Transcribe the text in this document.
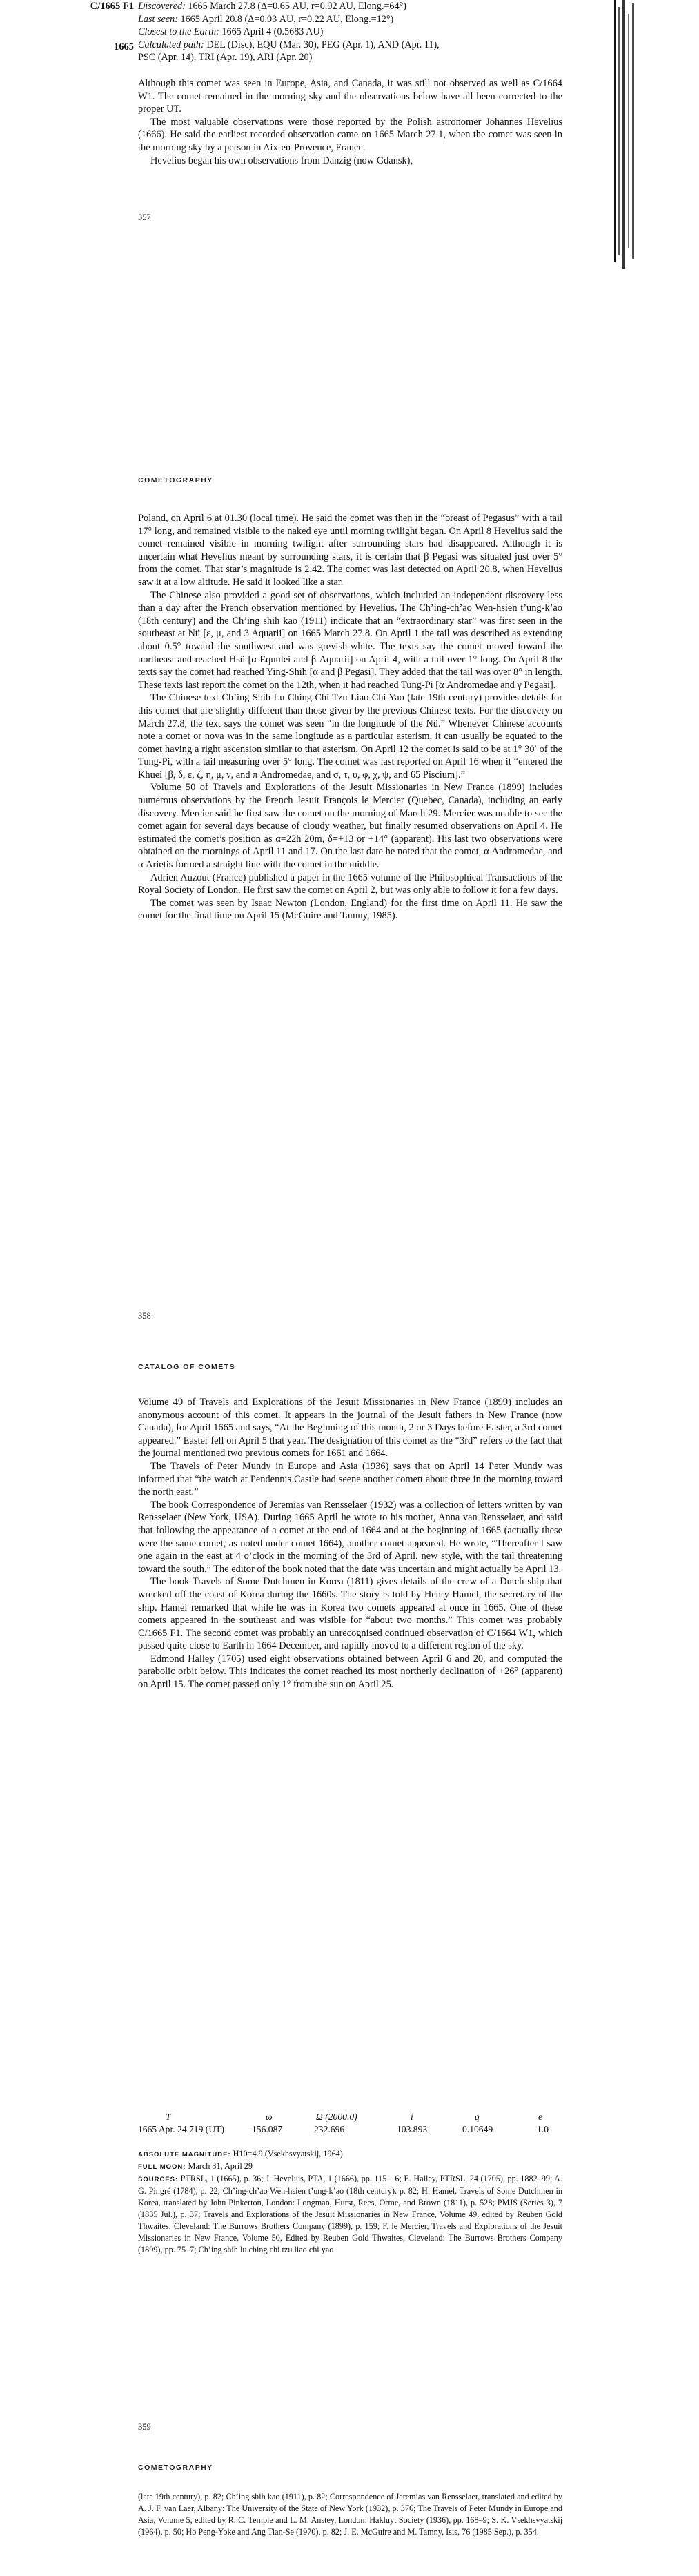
C/1665 F1
1665
Discovered: 1665 March 27.8 (Δ=0.65 AU, r=0.92 AU, Elong.=64°)
Last seen: 1665 April 20.8 (Δ=0.93 AU, r=0.22 AU, Elong.=12°)
Closest to the Earth: 1665 April 4 (0.5683 AU)
Calculated path: DEL (Disc), EQU (Mar. 30), PEG (Apr. 1), AND (Apr. 11),
PSC (Apr. 14), TRI (Apr. 19), ARI (Apr. 20)

Although this comet was seen in Europe, Asia, and Canada, it was still not observed as well as C/1664 W1. The comet remained in the morning sky and the observations below have all been corrected to the proper UT.

The most valuable observations were those reported by the Polish astronomer Johannes Hevelius (1666). He said the earliest recorded observation came on 1665 March 27.1, when the comet was seen in the morning sky by a person in Aix-en-Provence, France.

Hevelius began his own observations from Danzig (now Gdansk),

357
COMETOGRAPHY

Poland, on April 6 at 01.30 (local time). He said the comet was then in the “breast of Pegasus” with a tail 17° long, and remained visible to the naked eye until morning twilight began. On April 8 Hevelius said the comet remained visible in morning twilight after surrounding stars had disappeared. Although it is uncertain what Hevelius meant by surrounding stars, it is certain that β Pegasi was situated just over 5° from the comet. That star’s magnitude is 2.42. The comet was last detected on April 20.8, when Hevelius saw it at a low altitude. He said it looked like a star.

The Chinese also provided a good set of observations, which included an independent discovery less than a day after the French observation mentioned by Hevelius. The Ch’ing-ch’ao Wen-hsien t’ung-k’ao (18th century) and the Ch’ing shih kao (1911) indicate that an “extraordinary star” was first seen in the southeast at Nü [ε, μ, and 3 Aquarii] on 1665 March 27.8. On April 1 the tail was described as extending about 0.5° toward the southwest and was greyish-white. The texts say the comet moved toward the northeast and reached Hsü [α Equulei and β Aquarii] on April 4, with a tail over 1° long. On April 8 the texts say the comet had reached Ying-Shih [α and β Pegasi]. They added that the tail was over 8° in length. These texts last report the comet on the 12th, when it had reached Tung-Pi [α Andromedae and γ Pegasi].

The Chinese text Ch’ing Shih Lu Ching Chi Tzu Liao Chi Yao (late 19th century) provides details for this comet that are slightly different than those given by the previous Chinese texts. For the discovery on March 27.8, the text says the comet was seen “in the longitude of the Nü.” Whenever Chinese accounts note a comet or nova was in the same longitude as a particular asterism, it can usually be equated to the comet having a right ascension similar to that asterism. On April 12 the comet is said to be at 1° 30′ of the Tung-Pi, with a tail measuring over 5° long. The comet was last reported on April 16 when it “entered the Khuei [β, δ, ε, ζ, η, μ, ν, and π Andromedae, and σ, τ, υ, φ, χ, ψ, and 65 Piscium].”

Volume 50 of Travels and Explorations of the Jesuit Missionaries in New France (1899) includes numerous observations by the French Jesuit François le Mercier (Quebec, Canada), including an early discovery. Mercier said he first saw the comet on the morning of March 29. Mercier was unable to see the comet again for several days because of cloudy weather, but finally resumed observations on April 4. He estimated the comet’s position as α=22h 20m, δ=+13 or +14° (apparent). His last two observations were obtained on the mornings of April 11 and 17. On the last date he noted that the comet, α Andromedae, and α Arietis formed a straight line with the comet in the middle.

Adrien Auzout (France) published a paper in the 1665 volume of the Philosophical Transactions of the Royal Society of London. He first saw the comet on April 2, but was only able to follow it for a few days.

The comet was seen by Isaac Newton (London, England) for the first time on April 11. He saw the comet for the final time on April 15 (McGuire and Tamny, 1985).

358
CATALOG OF COMETS

Volume 49 of Travels and Explorations of the Jesuit Missionaries in New France (1899) includes an anonymous account of this comet. It appears in the journal of the Jesuit fathers in New France (now Canada), for April 1665 and says, “At the Beginning of this month, 2 or 3 Days before Easter, a 3rd comet appeared.” Easter fell on April 5 that year. The designation of this comet as the “3rd” refers to the fact that the journal mentioned two previous comets for 1661 and 1664.

The Travels of Peter Mundy in Europe and Asia (1936) says that on April 14 Peter Mundy was informed that “the watch at Pendennis Castle had seene another comett about three in the morning toward the north east.”

The book Correspondence of Jeremias van Rensselaer (1932) was a collection of letters written by van Rensselaer (New York, USA). During 1665 April he wrote to his mother, Anna van Rensselaer, and said that following the appearance of a comet at the end of 1664 and at the beginning of 1665 (actually these were the same comet, as noted under comet 1664), another comet appeared. He wrote, “Thereafter I saw one again in the east at 4 o’clock in the morning of the 3rd of April, new style, with the tail threatening toward the south.” The editor of the book noted that the date was uncertain and might actually be April 13.

The book Travels of Some Dutchmen in Korea (1811) gives details of the crew of a Dutch ship that wrecked off the coast of Korea during the 1660s. The story is told by Henry Hamel, the secretary of the ship. Hamel remarked that while he was in Korea two comets appeared at once in 1665. One of these comets appeared in the southeast and was visible for “about two months.” This comet was probably C/1665 F1. The second comet was probably an unrecognised continued observation of C/1664 W1, which passed quite close to Earth in 1664 December, and rapidly moved to a different region of the sky.

Edmond Halley (1705) used eight observations obtained between April 6 and 20, and computed the parabolic orbit below. This indicates the comet reached its most northerly declination of +26° (apparent) on April 15. The comet passed only 1° from the sun on April 25.

T	ω	Ω (2000.0)	i	q	e
1665 Apr. 24.719 (UT)	156.087	232.696	103.893	0.10649	1.0

ABSOLUTE MAGNITUDE: H10=4.9 (Vsekhsvyatskij, 1964)

FULL MOON: March 31, April 29

SOURCES: PTRSL, 1 (1665), p. 36; J. Hevelius, PTA, 1 (1666), pp. 115–16; E. Halley, PTRSL, 24 (1705), pp. 1882–99; A. G. Pingré (1784), p. 22; Ch’ing-ch’ao Wen-hsien t’ung-k’ao (18th century), p. 82; H. Hamel, Travels of Some Dutchmen in Korea, translated by John Pinkerton, London: Longman, Hurst, Rees, Orme, and Brown (1811), p. 528; PMJS (Series 3), 7 (1835 Jul.), p. 37; Travels and Explorations of the Jesuit Missionaries in New France, Volume 49, edited by Reuben Gold Thwaites, Cleveland: The Burrows Brothers Company (1899), p. 159; F. le Mercier, Travels and Explorations of the Jesuit Missionaries in New France, Volume 50, Edited by Reuben Gold Thwaites, Cleveland: The Burrows Brothers Company (1899), pp. 75–7; Ch’ing shih lu ching chi tzu liao chi yao

359
COMETOGRAPHY

(late 19th century), p. 82; Ch’ing shih kao (1911), p. 82; Correspondence of Jeremias van Rensselaer, translated and edited by A. J. F. van Laer, Albany: The University of the State of New York (1932), p. 376; The Travels of Peter Mundy in Europe and Asia, Volume 5, edited by R. C. Temple and L. M. Anstey, London: Hakluyt Society (1936), pp. 168–9; S. K. Vsekhsvyatskij (1964), p. 50; Ho Peng-Yoke and Ang Tian-Se (1970), p. 82; J. E. McGuire and M. Tamny, Isis, 76 (1985 Sep.), p. 354.
